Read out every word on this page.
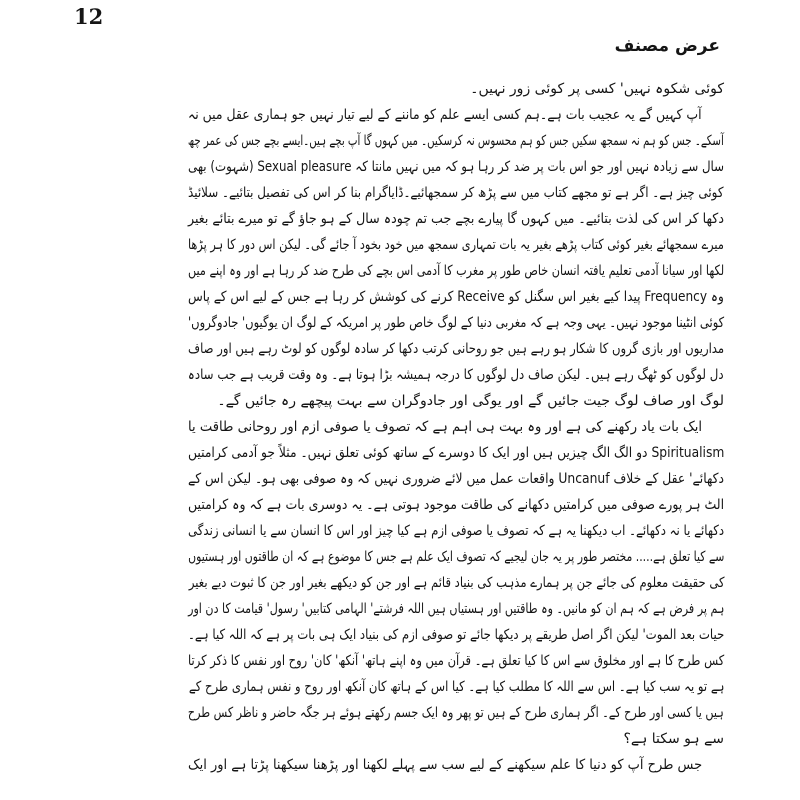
12
عرض مصنف
کوئی شکوہ نہیں' کسی پر کوئی زور نہیں۔
آپ کہیں گے یہ عجیب بات ہے۔ہم کسی ایسے علم کو ماننے کے لیے تیار نہیں جو ہماری عقل میں نہ
آسکے۔ جس کو ہم نہ سمجھ سکیں جس کو ہم محسوس نہ کرسکیں۔ میں کہوں گا آپ بچے ہیں۔ایسے بچے جس کی عمر چھ
سال سے زیادہ نہیں اور جو اس بات پر ضد کر رہا ہو کہ میں نہیں مانتا کہ Sexual pleasure (شہوت) بھی
کوئی چیز ہے۔ اگر ہے تو مجھے کتاب میں سے پڑھ کر سمجھائیے۔ڈایاگرام بنا کر اس کی تفصیل بتائیے۔ سلائیڈ
دکھا کر اس کی لذت بتائیے۔ میں کہوں گا پیارے بچے جب تم چودہ سال کے ہو جاؤ گے تو میرے بتائے بغیر
میرے سمجھائے بغیر کوئی کتاب پڑھے بغیر یہ بات تمہاری سمجھ میں خود بخود آ جائے گی۔ لیکن اس دور کا ہر پڑھا
لکھا اور سیانا آدمی تعلیم یافتہ انسان خاص طور پر مغرب کا آدمی اس بچے کی طرح ضد کر رہا ہے اور وہ اپنے میں
وہ Frequency پیدا کیے بغیر اس سگنل کو Receive کرنے کی کوشش کر رہا ہے جس کے لیے اس کے پاس
کوئی انٹینا موجود نہیں۔ یہی وجہ ہے کہ مغربی دنیا کے لوگ خاص طور پر امریکہ کے لوگ ان یوگیوں' جادوگروں'
مداریوں اور بازی گروں کا شکار ہو رہے ہیں جو روحانی کرتب دکھا کر سادہ لوگوں کو لوٹ رہے ہیں اور صاف
دل لوگوں کو ٹھگ رہے ہیں۔ لیکن صاف دل لوگوں کا درجہ ہمیشہ بڑا ہوتا ہے۔ وہ وقت قریب ہے جب سادہ
لوگ اور صاف لوگ جیت جائیں گے اور یوگی اور جادوگران سے بہت پیچھے رہ جائیں گے۔
ایک بات یاد رکھنے کی ہے اور وہ بہت ہی اہم ہے کہ تصوف یا صوفی ازم اور روحانی طاقت یا
Spiritualism دو الگ الگ چیزیں ہیں اور ایک کا دوسرے کے ساتھ کوئی تعلق نہیں۔ مثلاً جو آدمی کرامتیں
دکھائے' عقل کے خلاف Uncanuf واقعات عمل میں لائے ضروری نہیں کہ وہ صوفی بھی ہو۔ لیکن اس کے
الٹ ہر پورے صوفی میں کرامتیں دکھانے کی طاقت موجود ہوتی ہے۔ یہ دوسری بات ہے کہ وہ کرامتیں
دکھائے یا نہ دکھائے۔ اب دیکھنا یہ ہے کہ تصوف یا صوفی ازم ہے کیا چیز اور اس کا انسان سے یا انسانی زندگی
سے کیا تعلق ہے..... مختصر طور پر یہ جان لیجیے کہ تصوف ایک علم ہے جس کا موضوع ہے کہ ان طاقتوں اور ہستیوں
کی حقیقت معلوم کی جائے جن پر ہمارے مذہب کی بنیاد قائم ہے اور جن کو دیکھے بغیر اور جن کا ثبوت دیے بغیر
ہم پر فرض ہے کہ ہم ان کو مانیں۔ وہ طاقتیں اور ہستیاں ہیں اللہ فرشتے' الہامی کتابیں' رسول' قیامت کا دن اور
حیات بعد الموت' لیکن اگر اصل طریقے پر دیکھا جائے تو صوفی ازم کی بنیاد ایک ہی بات پر ہے کہ اللہ کیا ہے۔
کس طرح کا ہے اور مخلوق سے اس کا کیا تعلق ہے۔ قرآن میں وہ اپنے ہاتھ' آنکھ' کان' روح اور نفس کا ذکر کرتا
ہے تو یہ سب کیا ہے۔ اس سے اللہ کا مطلب کیا ہے۔ کیا اس کے ہاتھ کان آنکھ اور روح و نفس ہماری طرح کے
ہیں یا کسی اور طرح کے۔ اگر ہماری طرح کے ہیں تو پھر وہ ایک جسم رکھتے ہوئے ہر جگہ حاضر و ناظر کس طرح
سے ہو سکتا ہے؟
جس طرح آپ کو دنیا کا علم سیکھنے کے لیے سب سے پہلے لکھنا اور پڑھنا سیکھنا پڑتا ہے اور ایک
